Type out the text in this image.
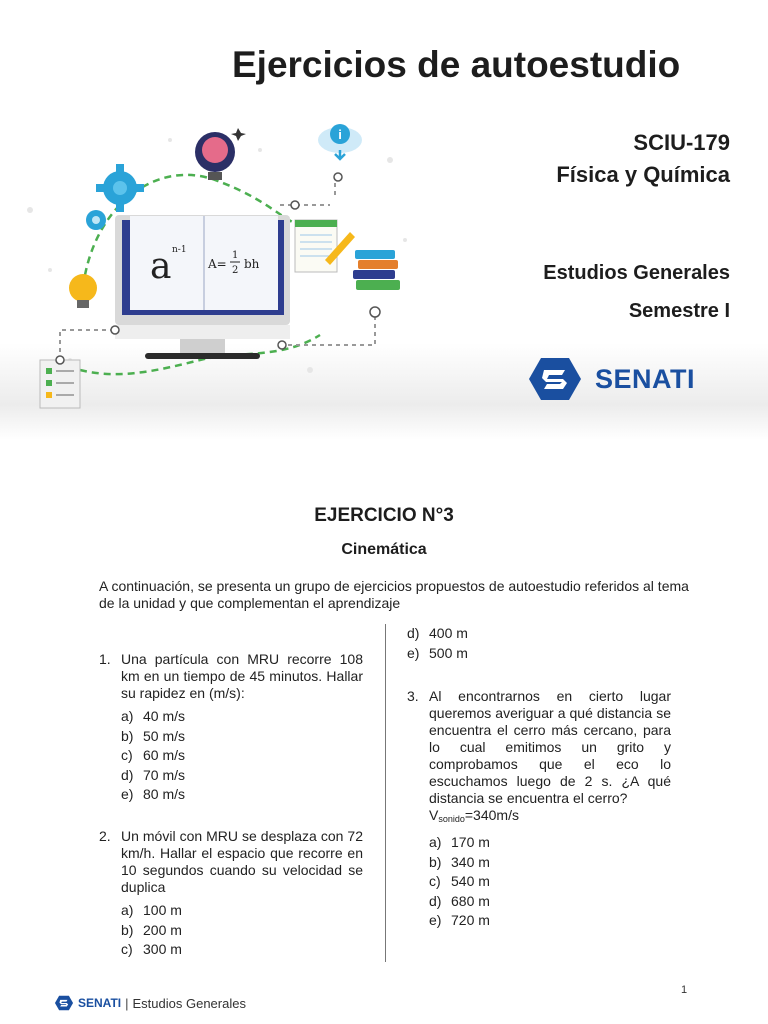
i
a n-1
A=
1
2 bh
Ejercicios de autoestudio
SCIU-179
Física y Química
Estudios Generales
Semestre I
SENATI
EJERCICIO N°3
Cinemática
A continuación, se presenta un grupo de ejercicios propuestos de autoestudio referidos al tema de la unidad y que complementan el aprendizaje
1. Una partícula con MRU recorre 108 km en un tiempo de 45 minutos. Hallar su rapidez en (m/s):
a) 40 m/s
b) 50 m/s
c) 60 m/s
d) 70 m/s
e) 80 m/s
2. Un móvil con MRU se desplaza con 72 km/h. Hallar el espacio que recorre en 10 segundos cuando su velocidad se duplica
a) 100 m
b) 200 m
c) 300 m
d) 400 m
e) 500 m
3. Al encontrarnos en cierto lugar queremos averiguar a qué distancia se encuentra el cerro más cercano, para lo cual emitimos un grito y comprobamos que el eco lo escuchamos luego de 2 s. ¿A qué distancia se encuentra el cerro?
$V_{sonido}=340m/s$
a) 170 m
b) 340 m
c) 540 m
d) 680 m
e) 720 m
SENATI | Estudios Generales
1
